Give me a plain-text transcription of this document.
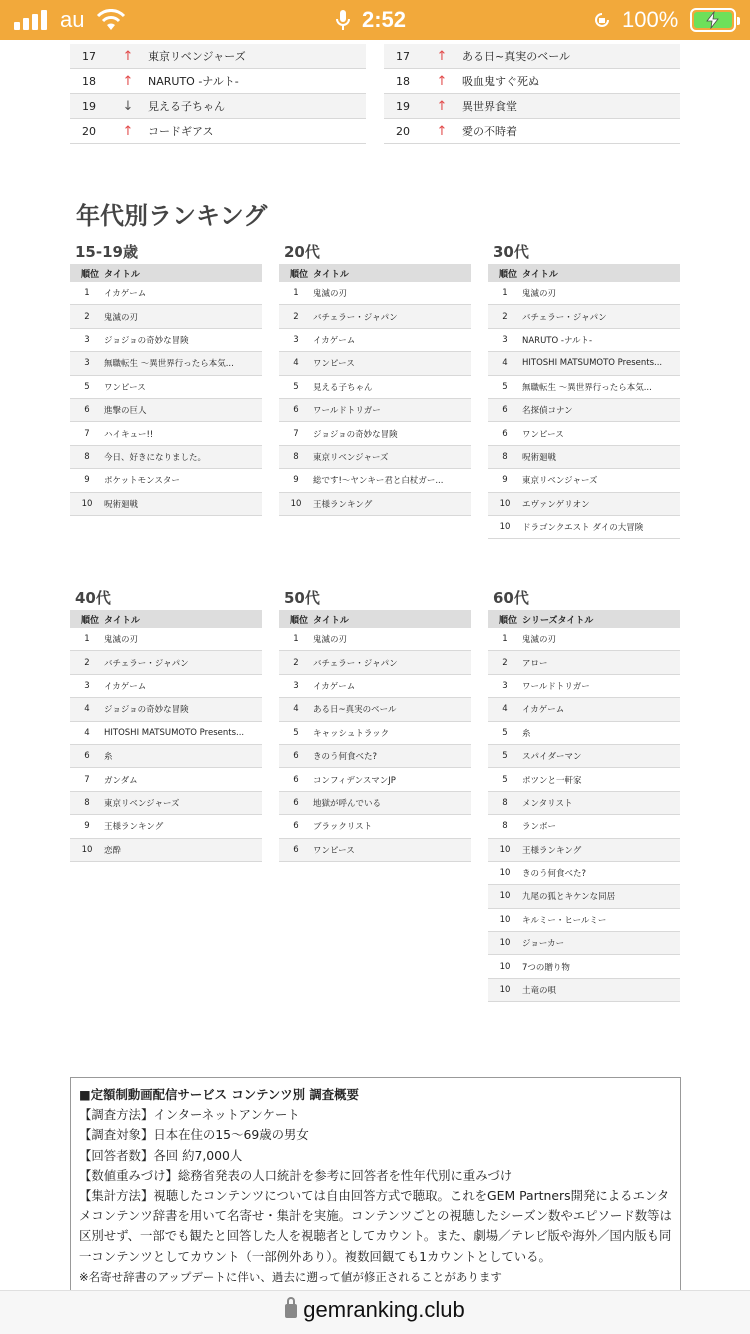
au	2:52	100%
17	↑	東京リベンジャーズ
18	↑	NARUTO -ナルト-
19	↓	見える子ちゃん
20	↑	コードギアス
17	↑	ある日~真実のベール
18	↑	吸血鬼すぐ死ぬ
19	↑	異世界食堂
20	↑	愛の不時着
年代別ランキング
15-19歳
順位 タイトル
1	イカゲーム
2	鬼滅の刃
3	ジョジョの奇妙な冒険
3	無職転生 ～異世界行ったら本気...
5	ワンピース
6	進撃の巨人
7	ハイキュー!!
8	今日、好きになりました。
9	ポケットモンスター
10	呪術廻戦
20代
順位 タイトル
1	鬼滅の刃
2	バチェラー・ジャパン
3	イカゲーム
4	ワンピース
5	見える子ちゃん
6	ワールドトリガー
7	ジョジョの奇妙な冒険
8	東京リベンジャーズ
9	総です!～ヤンキー君と白杖ガー...
10	王様ランキング
30代
順位 タイトル
1	鬼滅の刃
2	バチェラー・ジャパン
3	NARUTO -ナルト-
4	HITOSHI MATSUMOTO Presents...
5	無職転生 ～異世界行ったら本気...
6	名探偵コナン
6	ワンピース
8	呪術廻戦
9	東京リベンジャーズ
10	エヴァンゲリオン
10	ドラゴンクエスト ダイの大冒険
40代
順位 タイトル
1	鬼滅の刃
2	バチェラー・ジャパン
3	イカゲーム
4	ジョジョの奇妙な冒険
4	HITOSHI MATSUMOTO Presents...
6	糸
7	ガンダム
8	東京リベンジャーズ
9	王様ランキング
10	恋酔
50代
順位 タイトル
1	鬼滅の刃
2	バチェラー・ジャパン
3	イカゲーム
4	ある日~真実のベール
5	キャッシュトラック
6	きのう何食べた?
6	コンフィデンスマンJP
6	地獄が呼んでいる
6	ブラックリスト
6	ワンピース
60代
順位 シリーズタイトル
1	鬼滅の刃
2	アロー
3	ワールドトリガー
4	イカゲーム
5	糸
5	スパイダーマン
5	ポツンと一軒家
8	メンタリスト
8	ランボー
10	王様ランキング
10	きのう何食べた?
10	九尾の狐とキケンな同居
10	キルミー・ヒールミー
10	ジョーカー
10	7つの贈り物
10	土竜の唄
■定額制動画配信サービス コンテンツ別 調査概要
【調査方法】インターネットアンケート
【調査対象】日本在住の15～69歳の男女
【回答者数】各回 約7,000人
【数値重みづけ】総務省発表の人口統計を参考に回答者を性年代別に重みづけ
【集計方法】視聴したコンテンツについては自由回答方式で聴取。これをGEM Partners開発によるエンタメコンテンツ辞書を用いて名寄せ・集計を実施。コンテンツごとの視聴したシーズン数やエピソード数等は区別せず、一部でも観たと回答した人を視聴者としてカウント。また、劇場／テレビ版や海外／国内版も同一コンテンツとしてカウント（一部例外あり）。複数回観ても1カウントとしている。
※名寄せ辞書のアップデートに伴い、過去に遡って値が修正されることがあります
gemranking.club
